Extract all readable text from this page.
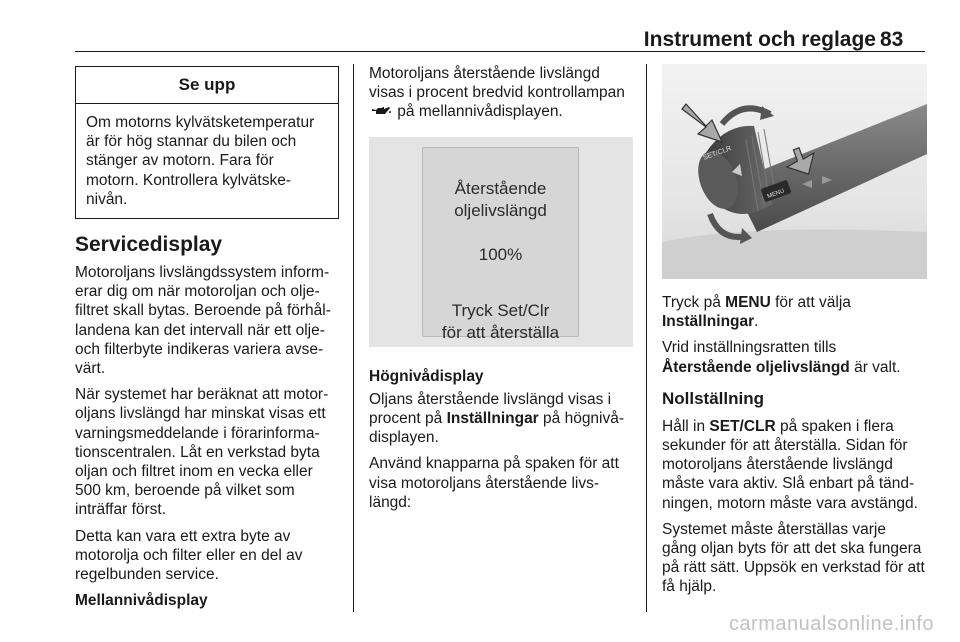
Instrument och reglage 83
Se upp
Om motorns kylvätsketemperatur
är för hög stannar du bilen och
stänger av motorn. Fara för
motorn. Kontrollera kylvätske-
nivån.
Servicedisplay

Motoroljans livslängdssystem inform-
erar dig om när motoroljan och olje-
filtret skall bytas. Beroende på förhål-
landena kan det intervall när ett olje-
och filterbyte indikeras variera avse-
värt.

När systemet har beräknat att motor-
oljans livslängd har minskat visas ett
varningsmeddelande i förarinforma-
tionscentralen. Låt en verkstad byta
oljan och filtret inom en vecka eller
500 km, beroende på vilket som
inträffar först.

Detta kan vara ett extra byte av
motorolja och filter eller en del av
regelbunden service.

Mellannivådisplay

Motoroljans återstående livslängd
visas i procent bredvid kontrollampan
på mellannivådisplayen.

Återstående
oljelivslängd
100%
Tryck Set/Clr
för att återställa

Högnivådisplay

Oljans återstående livslängd visas i
procent på Inställningar på högnivå-
displayen.

Använd knapparna på spaken för att
visa motoroljans återstående livs-
längd:

SET/CLR
MENU

Tryck på MENU för att välja
Inställningar.

Vrid inställningsratten tills
Återstående oljelivslängd är valt.

Nollställning

Håll in SET/CLR på spaken i flera
sekunder för att återställa. Sidan för
motoroljans återstående livslängd
måste vara aktiv. Slå enbart på tänd-
ningen, motorn måste vara avstängd.

Systemet måste återställas varje
gång oljan byts för att det ska fungera
på rätt sätt. Uppsök en verkstad för att
få hjälp.

carmanualsonline.info
